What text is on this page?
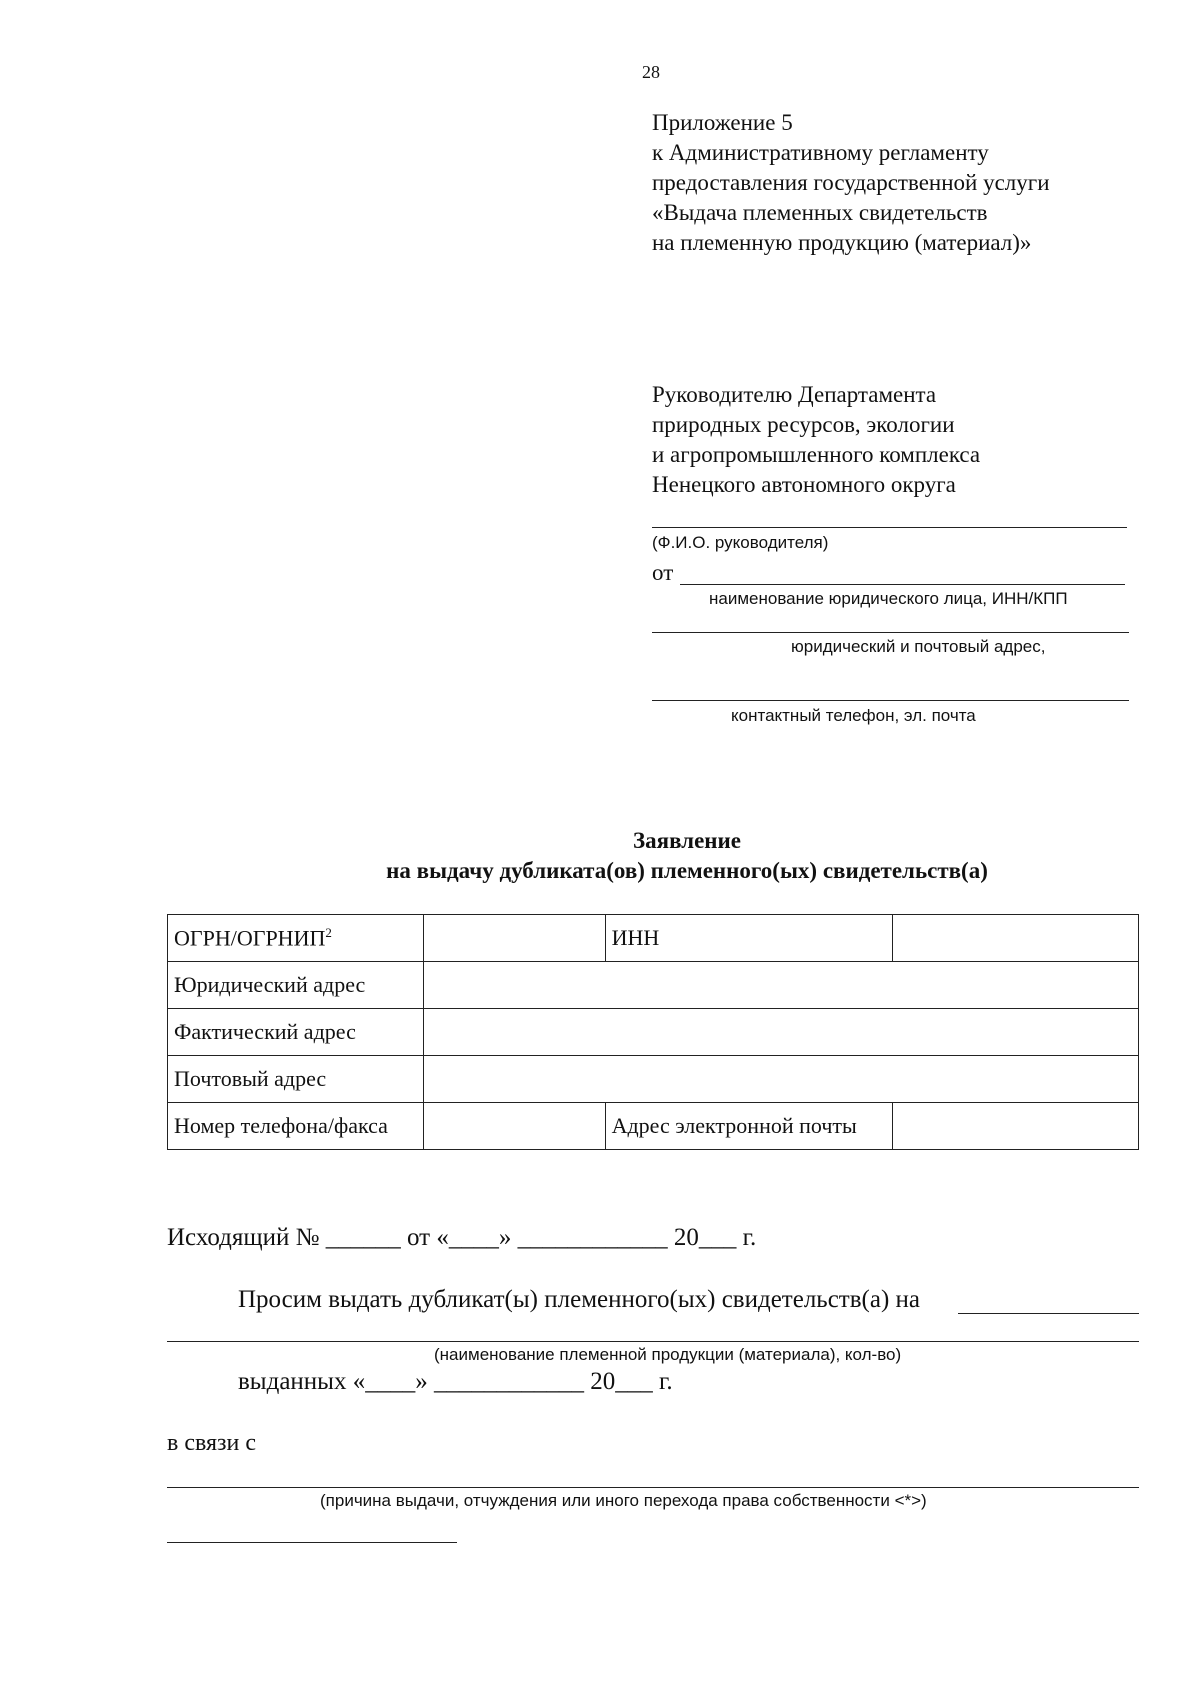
28
Приложение 5
к Административному регламенту
предоставления государственной услуги
«Выдача племенных свидетельств
на племенную продукцию (материал)»
Руководителю Департамента
природных ресурсов, экологии
и агропромышленного комплекса
Ненецкого автономного округа
(Ф.И.О. руководителя)
от
наименование юридического лица, ИНН/КПП
юридический и почтовый адрес,
контактный телефон, эл. почта
Заявление
на выдачу дубликата(ов) племенного(ых) свидетельств(а)
ОГРН/ОГРНИП$^2$		ИНН	
Юридический адрес			
Фактический адрес			
Почтовый адрес			
Номер телефона/факса		Адрес электронной почты	
Исходящий № ______ от «____» ____________ 20___ г.
Просим выдать дубликат(ы) племенного(ых) свидетельств(а) на
(наименование племенной продукции (материала), кол-во)
выданных «____» ____________ 20___ г.
в связи с
(причина выдачи, отчуждения или иного перехода права собственности <*>)
